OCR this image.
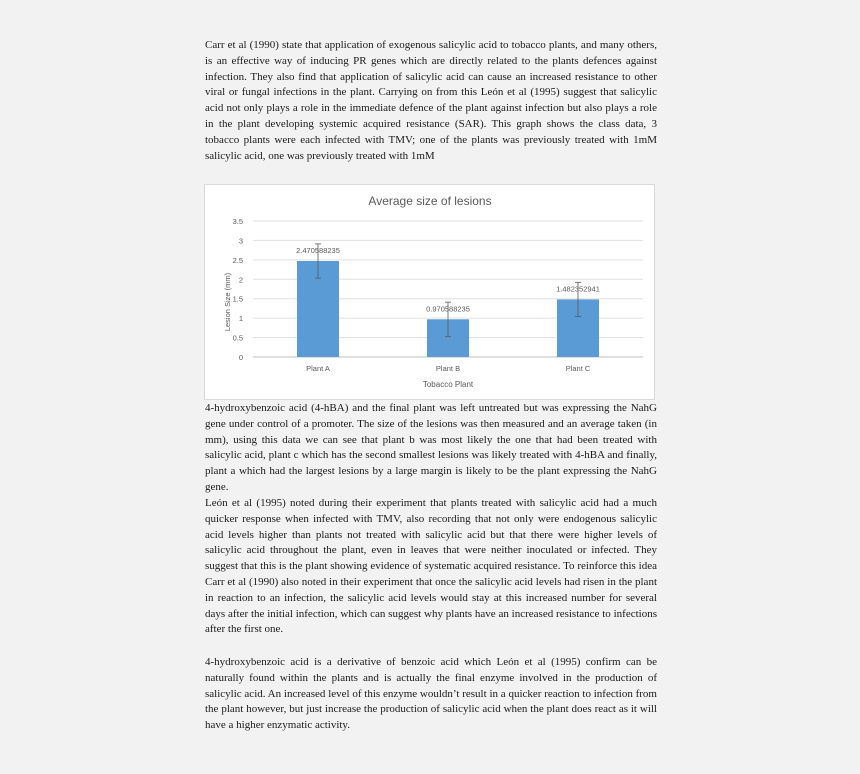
Carr et al (1990) state that application of exogenous salicylic acid to tobacco plants, and many others, is an effective way of inducing PR genes which are directly related to the plants defences against infection. They also find that application of salicylic acid can cause an increased resistance to other viral or fungal infections in the plant. Carrying on from this León et al (1995) suggest that salicylic acid not only plays a role in the immediate defence of the plant against infection but also plays a role in the plant developing systemic acquired resistance (SAR). This graph shows the class data, 3 tobacco plants were each infected with TMV; one of the plants was previously treated with 1mM salicylic acid, one was previously treated with 1mM

Average size of lesions
0
0.5
1
1.5
2
2.5
3
3.5
2.470588235
0.970588235
1.482352941
Plant A	Plant B	Plant C
Tobacco Plant
Lesion Size (mm)

4-hydroxybenzoic acid (4-hBA) and the final plant was left untreated but was expressing the NahG gene under control of a promoter. The size of the lesions was then measured and an average taken (in mm), using this data we can see that plant b was most likely the one that had been treated with salicylic acid, plant c which has the second smallest lesions was likely treated with 4-hBA and finally, plant a which had the largest lesions by a large margin is likely to be the plant expressing the NahG gene.

León et al (1995) noted during their experiment that plants treated with salicylic acid had a much quicker response when infected with TMV, also recording that not only were endogenous salicylic acid levels higher than plants not treated with salicylic acid but that there were higher levels of salicylic acid throughout the plant, even in leaves that were neither inoculated or infected. They suggest that this is the plant showing evidence of systematic acquired resistance. To reinforce this idea Carr et al (1990) also noted in their experiment that once the salicylic acid levels had risen in the plant in reaction to an infection, the salicylic acid levels would stay at this increased number for several days after the initial infection, which can suggest why plants have an increased resistance to infections after the first one.

4-hydroxybenzoic acid is a derivative of benzoic acid which León et al (1995) confirm can be naturally found within the plants and is actually the final enzyme involved in the production of salicylic acid. An increased level of this enzyme wouldn’t result in a quicker reaction to infection from the plant however, but just increase the production of salicylic acid when the plant does react as it will have a higher enzymatic activity.
